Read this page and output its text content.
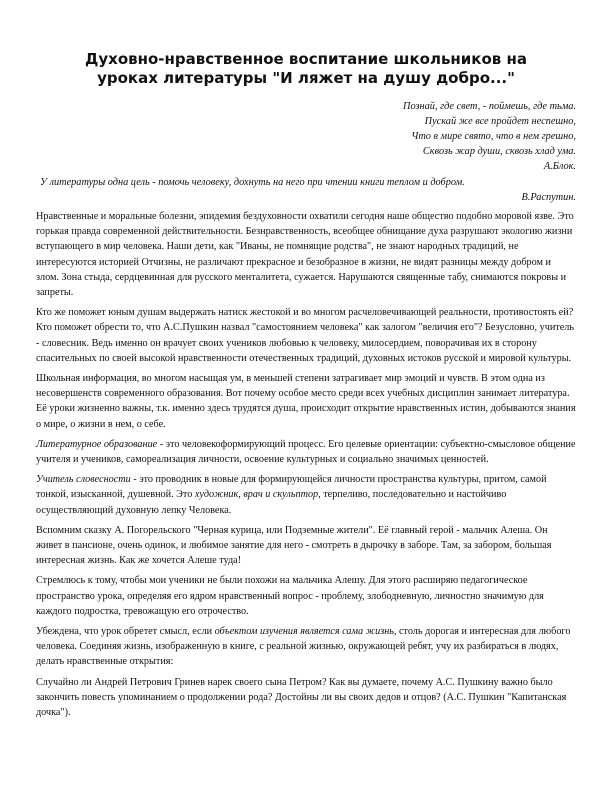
Духовно-нравственное воспитание школьников на
уроках литературы "И ляжет на душу добро..."
Познай, где свет, - поймешь, где тьма.
Пускай же все пройдет неспешно,
Что в мире свято, что в нем грешно,
Сквозь жар души, сквозь хлад ума.
А.Блок.
У литературы одна цель - помочь человеку, дохнуть на него при чтении книги теплом и добром.
В.Распутин.

Нравственные и моральные болезни, эпидемия бездуховности охватили сегодня наше общество подобно моровой язве. Это горькая правда современной действительности. Безнравственность, всеобщее обнищание духа разрушают экологию жизни вступающего в мир человека. Наши дети, как "Иваны, не помнящие родства", не знают народных традиций, не интересуются историей Отчизны, не различают прекрасное и безобразное в жизни, не видят разницы между добром и злом. Зона стыда, сердцевинная для русского менталитета, сужается. Нарушаются священные табу, снимаются покровы и запреты.

Кто же поможет юным душам выдержать натиск жестокой и во многом расчеловечивающей реальности, противостоять ей? Кто поможет обрести то, что А.С.Пушкин назвал "самостоянием человека" как залогом "величия его"? Безусловно, учитель - словесник. Ведь именно он врачует своих учеников любовью к человеку, милосердием, поворачивая их в сторону спасительных по своей высокой нравственности отечественных традиций, духовных истоков русской и мировой культуры.

Школьная информация, во многом насыщая ум, в меньшей степени затрагивает мир эмоций и чувств. В этом одна из несовершенств современного образования. Вот почему особое место среди всех учебных дисциплин занимает литература. Её уроки жизненно важны, т.к. именно здесь трудятся душа, происходит открытие нравственных истин, добываются знания о мире, о жизни в нем, о себе.

Литературное образование - это человекоформирующий процесс. Его целевые ориентации: субъектно-смысловое общение учителя и учеников, самореализация личности, освоение культурных и социально значимых ценностей.

Учитель словесности - это проводник в новые для формирующейся личности пространства культуры, притом, самой тонкой, изысканной, душевной. Это художник, врач и скульптор, терпеливо, последовательно и настойчиво осуществляющий духовную лепку Человека.

Вспомним сказку А. Погорельского "Черная курица, или Подземные жители". Её главный герой - мальчик Алеша. Он живет в пансионе, очень одинок, и любимое занятие для него - смотреть в дырочку в заборе. Там, за забором, большая интересная жизнь. Как же хочется Алеше туда!

Стремлюсь к тому, чтобы мои ученики не были похожи на мальчика Алешу. Для этого расширяю педагогическое пространство урока, определяя его ядром нравственный вопрос - проблему, злободневную, личностно значимую для каждого подростка, тревожащую его отрочество.

Убеждена, что урок обретет смысл, если объектом изучения является сама жизнь, столь дорогая и интересная для любого человека. Соединяя жизнь, изображенную в книге, с реальной жизнью, окружающей ребят, учу их разбираться в людях, делать нравственные открытия:

Случайно ли Андрей Петрович Гринев нарек своего сына Петром? Как вы думаете, почему А.С. Пушкину важно было закончить повесть упоминанием о продолжении рода? Достойны ли вы своих дедов и отцов? (А.С. Пушкин "Капитанская дочка").
